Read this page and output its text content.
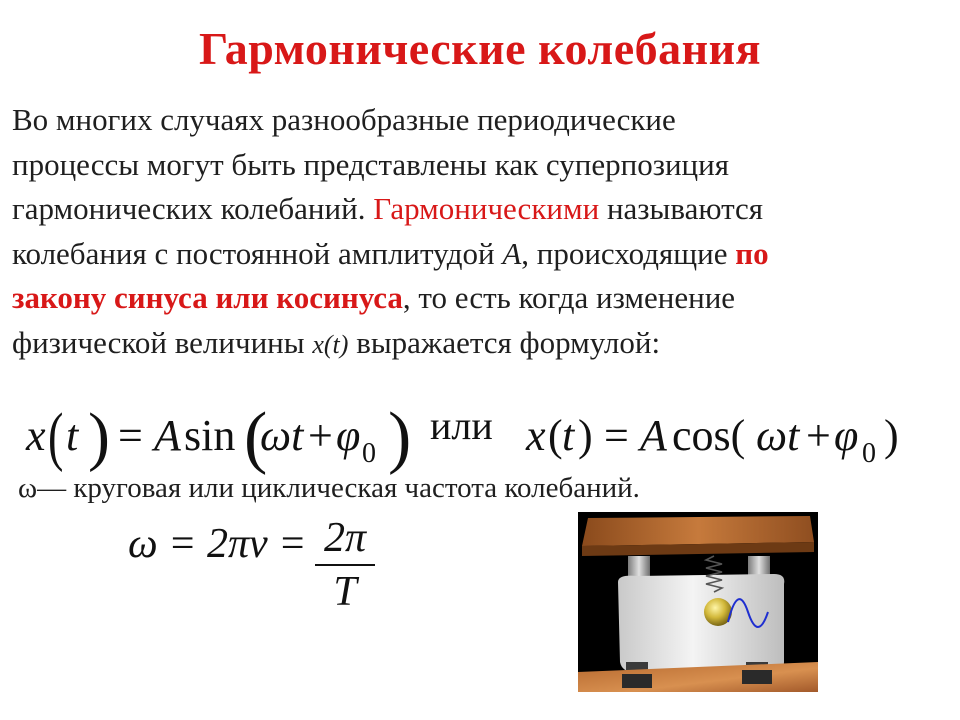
Гармонические колебания
Во многих случаях разнообразные периодические
процессы могут быть представлены как суперпозиция
гармонических колебаний. Гармоническими называются
колебания с постоянной амплитудой A, происходящие по
закону синуса или косинуса, то есть когда изменение
физической величины x(t) выражается формулой:
x ( t ) = A sin (
ωt + φ 0 ) или x ( t ) = A cos( ωt + φ 0 )
ω— круговая или циклическая частота колебаний.
ω = 2πν = 2π
T
